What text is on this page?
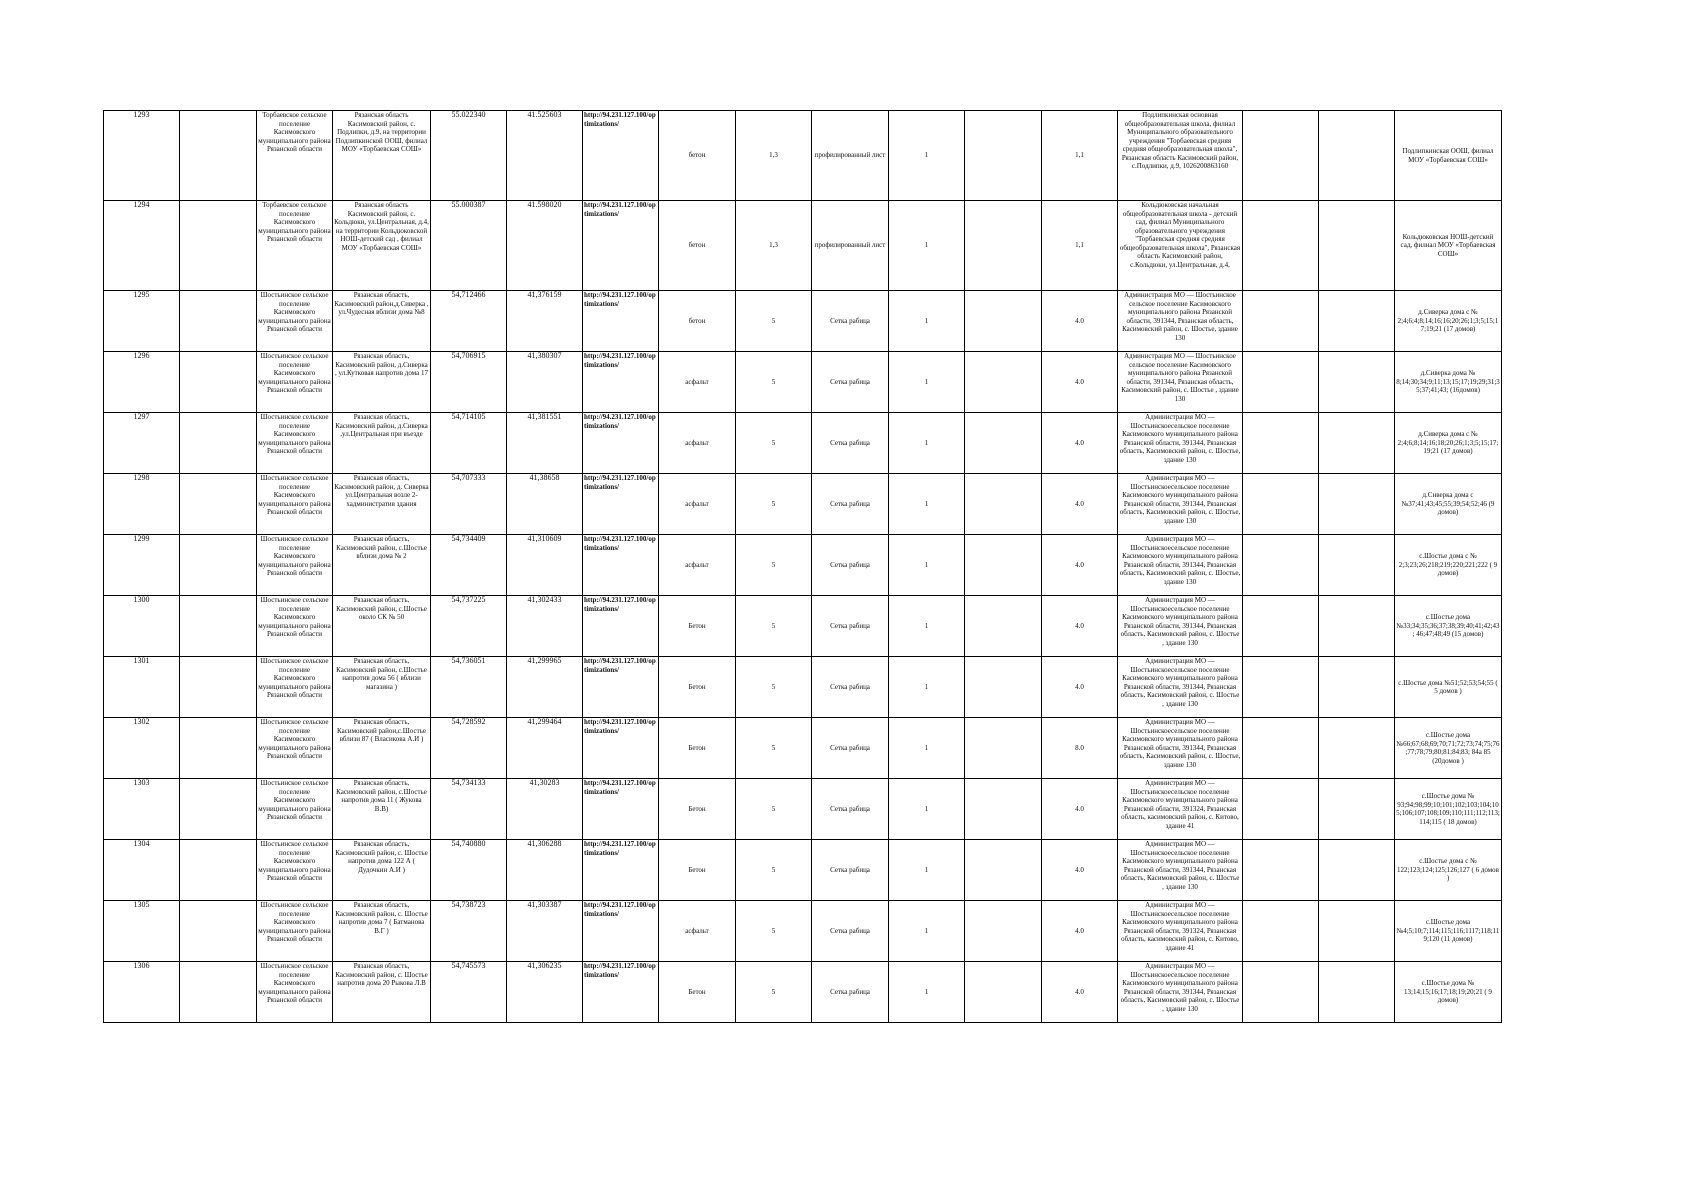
1293		Торбаевское сельское поселение Касимовского муниципального района Рязанской области	Рязанская область Касимовский район, с. Подлипки, д.9, на территории Подлипкинской ООШ, филиал МОУ «Торбаевская СОШ»	55.022340	41.525603	http://94.231.127.100/optimizations/	бетон	1,3	профилированный лист	1		1,1	Подлипкинская основная общеобразовательная школа, филиал Муниципального образовательного учреждения "Торбаевская средняя средняя общеобразовательная школа", Рязанская область Касимовский район, с.Подлипки, д.9, 1026200863160			Подлипкинская ООШ, филиал МОУ «Торбаевская СОШ»
1294		Торбаевское сельское поселение Касимовского муниципального района Рязанской области	Рязанская область Касимовский район, с. Кольдюки, ул.Центральная, д.4, на территории Кольдюковской НОШ-детский сад , филиал МОУ «Торбаевская СОШ»	55.000387	41.598020	http://94.231.127.100/optimizations/	бетон	1,3	профилированный лист	1		1,1	Кольдюковская начальная общеобразовательная школа - детский сад, филиал Муниципального образовательного учреждения "Торбаевская средняя средняя общеобразовательная школа", Рязанская область Касимовский район, с.Кольдюки, ул.Центральная, д.4,			Кольдюковская НОШ-детский сад, филиал МОУ «Торбаевская СОШ»
1295		Шостьинское сельское поселение Касимовского муниципального района Рязанской области	Рязанская область, Касимовский район,д.Сиверка , ул.Чудесная вблизи дома №8	54,712466	41,376159	http://94.231.127.100/optimizations/	бетон	5	Сетка рабица	1		4.0	Администрация МО — Шостьинское сельское поселение Касимовского муниципального района Рязанской области, 391344, Рязанская область, Касимовский район, с. Шостье, здание 130			д.Сиверка дома с № 2;4;6;4;8;14;16;16;20;26;1;3;5;15;17;19;21 (17 домов)
1296		Шостьинское сельское поселение Касимовского муниципального района Рязанской области	Рязанская область, Касимовский район, д.Сиверка , ул.Кутковая напротив дома 17	54,706915	41,380307	http://94.231.127.100/optimizations/	асфальт	5	Сетка рабица	1		4.0	Администрация МО — Шостьинское сельское поселение Касимовского муниципального района Рязанской области, 391344, Рязанская область, Касимовский район, с. Шостье , здание 130			д.Сиверка дома № 8;14;30;34;9;11;13;15;17;19;29;31;35;37;41;43; (16домов)
1297		Шостьинское сельское поселение Касимовского муниципального района Рязанской области	Рязанская область, Касимовский район, д.Сиверка ,ул.Центральная при въезде	54,714105	41,381551	http://94.231.127.100/optimizations/	асфальт	5	Сетка рабица	1		4.0	Администрация МО — Шостьинскоесельское поселение Касимовского муниципального района Рязанской области, 391344, Рязанская область, Касимовский район, с. Шостье, здание 130			д.Сиверка дома с № 2;4;6;8;14;16;18;20;26;1;3;5;15;17;19;21 (17 домов)
1298		Шостьинское сельское поселение Касимовского муниципального района Рязанской области	Рязанская область, Касимовский район, д. Сиверка ул.Центральная возле 2-хадминистратив здания	54,707333	41,38658	http://94.231.127.100/optimizations/	асфальт	5	Сетка рабица	1		4.0	Администрация МО — Шостьинскоесельское поселение Касимовского муниципального района Рязанской области, 391344, Рязанская область, Касимовский район, с. Шостье, здание 130			д.Сиверка дома с №37;41;43;45;55;39;54;52;46 (9 домов)
1299		Шостьинское сельское поселение Касимовского муниципального района Рязанской области	Рязанская область, Касимовский район, с.Шостье вблизи дома № 2	54,734409	41,310609	http://94.231.127.100/optimizations/	асфальт	5	Сетка рабица	1		4.0	Администрация МО — Шостьинскоесельское поселение Касимовского муниципального района Рязанской области, 391344, Рязанская область, Касимовский район, с. Шостье, здание 130			с.Шостье дома с № 2;3;23;26;218;219;220;221;222 ( 9 домов)
1300		Шостьинское сельское поселение Касимовского муниципального района Рязанской области	Рязанская область, Касимовский район, с.Шостье около СК № 50	54,737225	41,302433	http://94.231.127.100/optimizations/	Бетон	5	Сетка рабица	1		4.0	Администрация МО — Шостьинскоесельское поселение Касимовского муниципального района Рязанской области, 391344, Рязанская область, Касимовский район, с. Шостье , здание 130			с.Шостье дома №33;34;35;36;37;38;39;40;41;42;43; 46;47;48;49 (15 домов)
1301		Шостьинское сельское поселение Касимовского муниципального района Рязанской области	Рязанская область, Касимовский район, с.Шостье напротив дома 56 ( вблизи магазина )	54,736051	41,299965	http://94.231.127.100/optimizations/	Бетон	5	Сетка рабица	1		4.0	Администрация МО — Шостьинскоесельское поселение Касимовского муниципального района Рязанской области, 391344, Рязанская область, Касимовский район, с. Шостье , здание 130			с.Шостье дома №51;52;53;54;55 ( 5 домов )
1302		Шостьинское сельское поселение Касимовского муниципального района Рязанской области	Рязанская область, Касимовский район,с.Шостье вблизи 87 ( Власикова А.И )	54,728592	41,299464	http://94.231.127.100/optimizations/	Бетон	5	Сетка рабица	1		8.0	Администрация МО — Шостьинскоесельское поселение Касимовского муниципального района Рязанской области, 391344, Рязанская область, Касимовский район, с. Шостье, здание 130			с.Шостье дома №66;67;68;69;70;71;72;73;74;75;76;77;78;79;80;81;84;83; 84а 85 (20домов )
1303		Шостьинское сельское поселение Касимовского муниципального района Рязанской области	Рязанская область, Касимовский район, с.Шостье напротив дома 11 ( Жукова В.В)	54,734133	41,30283	http://94.231.127.100/optimizations/	Бетон	5	Сетка рабица	1		4.0	Администрация МО — Шостьинскоесельское поселение Касимовского муниципального района Рязанской области, 391324, Рязанская область, касимовский район, с. Китово, здание 41			с.Шостье дома № 93;94;98;99;10;101;102;103;104;105;106;107;108;109;110;111;112;113;114;115 ( 18 домов)
1304		Шостьинское сельское поселение Касимовского муниципального района Рязанской области	Рязанская область, Касимовский район, с. Шостье напротив дома 122 А ( Дудочкин А.И )	54,740880	41,306288	http://94.231.127.100/optimizations/	Бетон	5	Сетка рабица	1		4.0	Администрация МО — Шостьинскоесельское поселение Касимовского муниципального района Рязанской области, 391344, Рязанская область, Касимовский район, с. Шостье , здание 130			с.Шостье дома с № 122;123;124;125;126;127 ( 6 домов )
1305		Шостьинское сельское поселение Касимовского муниципального района Рязанской области	Рязанская область, Касимовский район, с. Шостье напротив дома 7 ( Батманова В.Г )	54,738723	41,303387	http://94.231.127.100/optimizations/	асфальт	5	Сетка рабица	1		4.0	Администрация МО — Шостьинскоесельское поселение Касимовского муниципального района Рязанской области, 391324, Рязанская область, касимовский район, с. Китово, здание 41			с.Шостье дома №4;5;10;7;114;115;116;1117;118;119;120 (11 домов)
1306		Шостьинское сельское поселение Касимовского муниципального района Рязанской области	Рязанская область, Касимовский район, с. Шостье напротив дома 20 Рыкова Л.В	54,745573	41,306235	http://94.231.127.100/optimizations/	Бетон	5	Сетка рабица	1		4.0	Администрация МО — Шостьинскоесельское поселение Касимовского муниципального района Рязанской области, 391344, Рязанская область, Касимовский район, с. Шостье , здание 130			с.Шостье дома № 13;14;15;16;17;18;19;20;21 ( 9 домов)
